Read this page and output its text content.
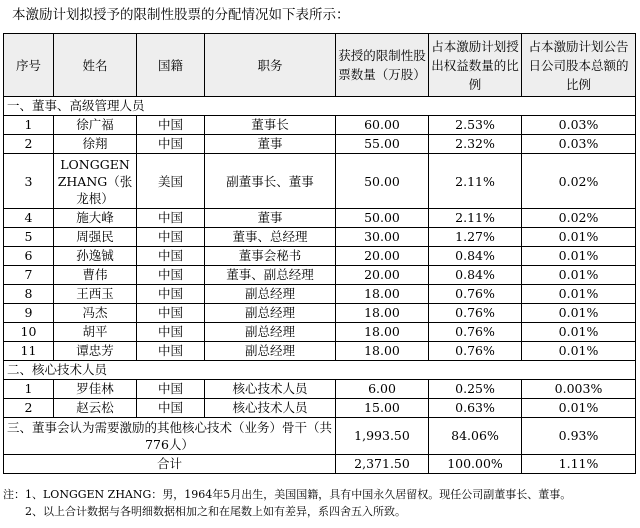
本激励计划拟授予的限制性股票的分配情况如下表所示：
序号	姓名	国籍	职务	获授的限制性股票数量（万股）	占本激励计划授出权益数量的比例	占本激励计划公告日公司股本总额的比例
一、董事、高级管理人员						
1	徐广福	中国	董事长	60.00	2.53%	0.03%
2	徐翔	中国	董事	55.00	2.32%	0.03%
3	LONGGEN ZHANG（张龙根）	美国	副董事长、董事	50.00	2.11%	0.02%
4	施大峰	中国	董事	50.00	2.11%	0.02%
5	周强民	中国	董事、总经理	30.00	1.27%	0.01%
6	孙逸铖	中国	董事会秘书	20.00	0.84%	0.01%
7	曹伟	中国	董事、副总经理	20.00	0.84%	0.01%
8	王西玉	中国	副总经理	18.00	0.76%	0.01%
9	冯杰	中国	副总经理	18.00	0.76%	0.01%
10	胡平	中国	副总经理	18.00	0.76%	0.01%
11	谭忠芳	中国	副总经理	18.00	0.76%	0.01%
二、核心技术人员						
1	罗佳林	中国	核心技术人员	6.00	0.25%	0.003%
2	赵云松	中国	核心技术人员	15.00	0.63%	0.01%
三、董事会认为需要激励的其他核心技术（业务）骨干（共776人）				1,993.50	84.06%	0.93%
合计				2,371.50	100.00%	1.11%
注：1、LONGGEN ZHANG：男，1964年5月出生，美国国籍，具有中国永久居留权。现任公司副董事长、董事。
　　2、以上合计数据与各明细数据相加之和在尾数上如有差异，系四舍五入所致。
